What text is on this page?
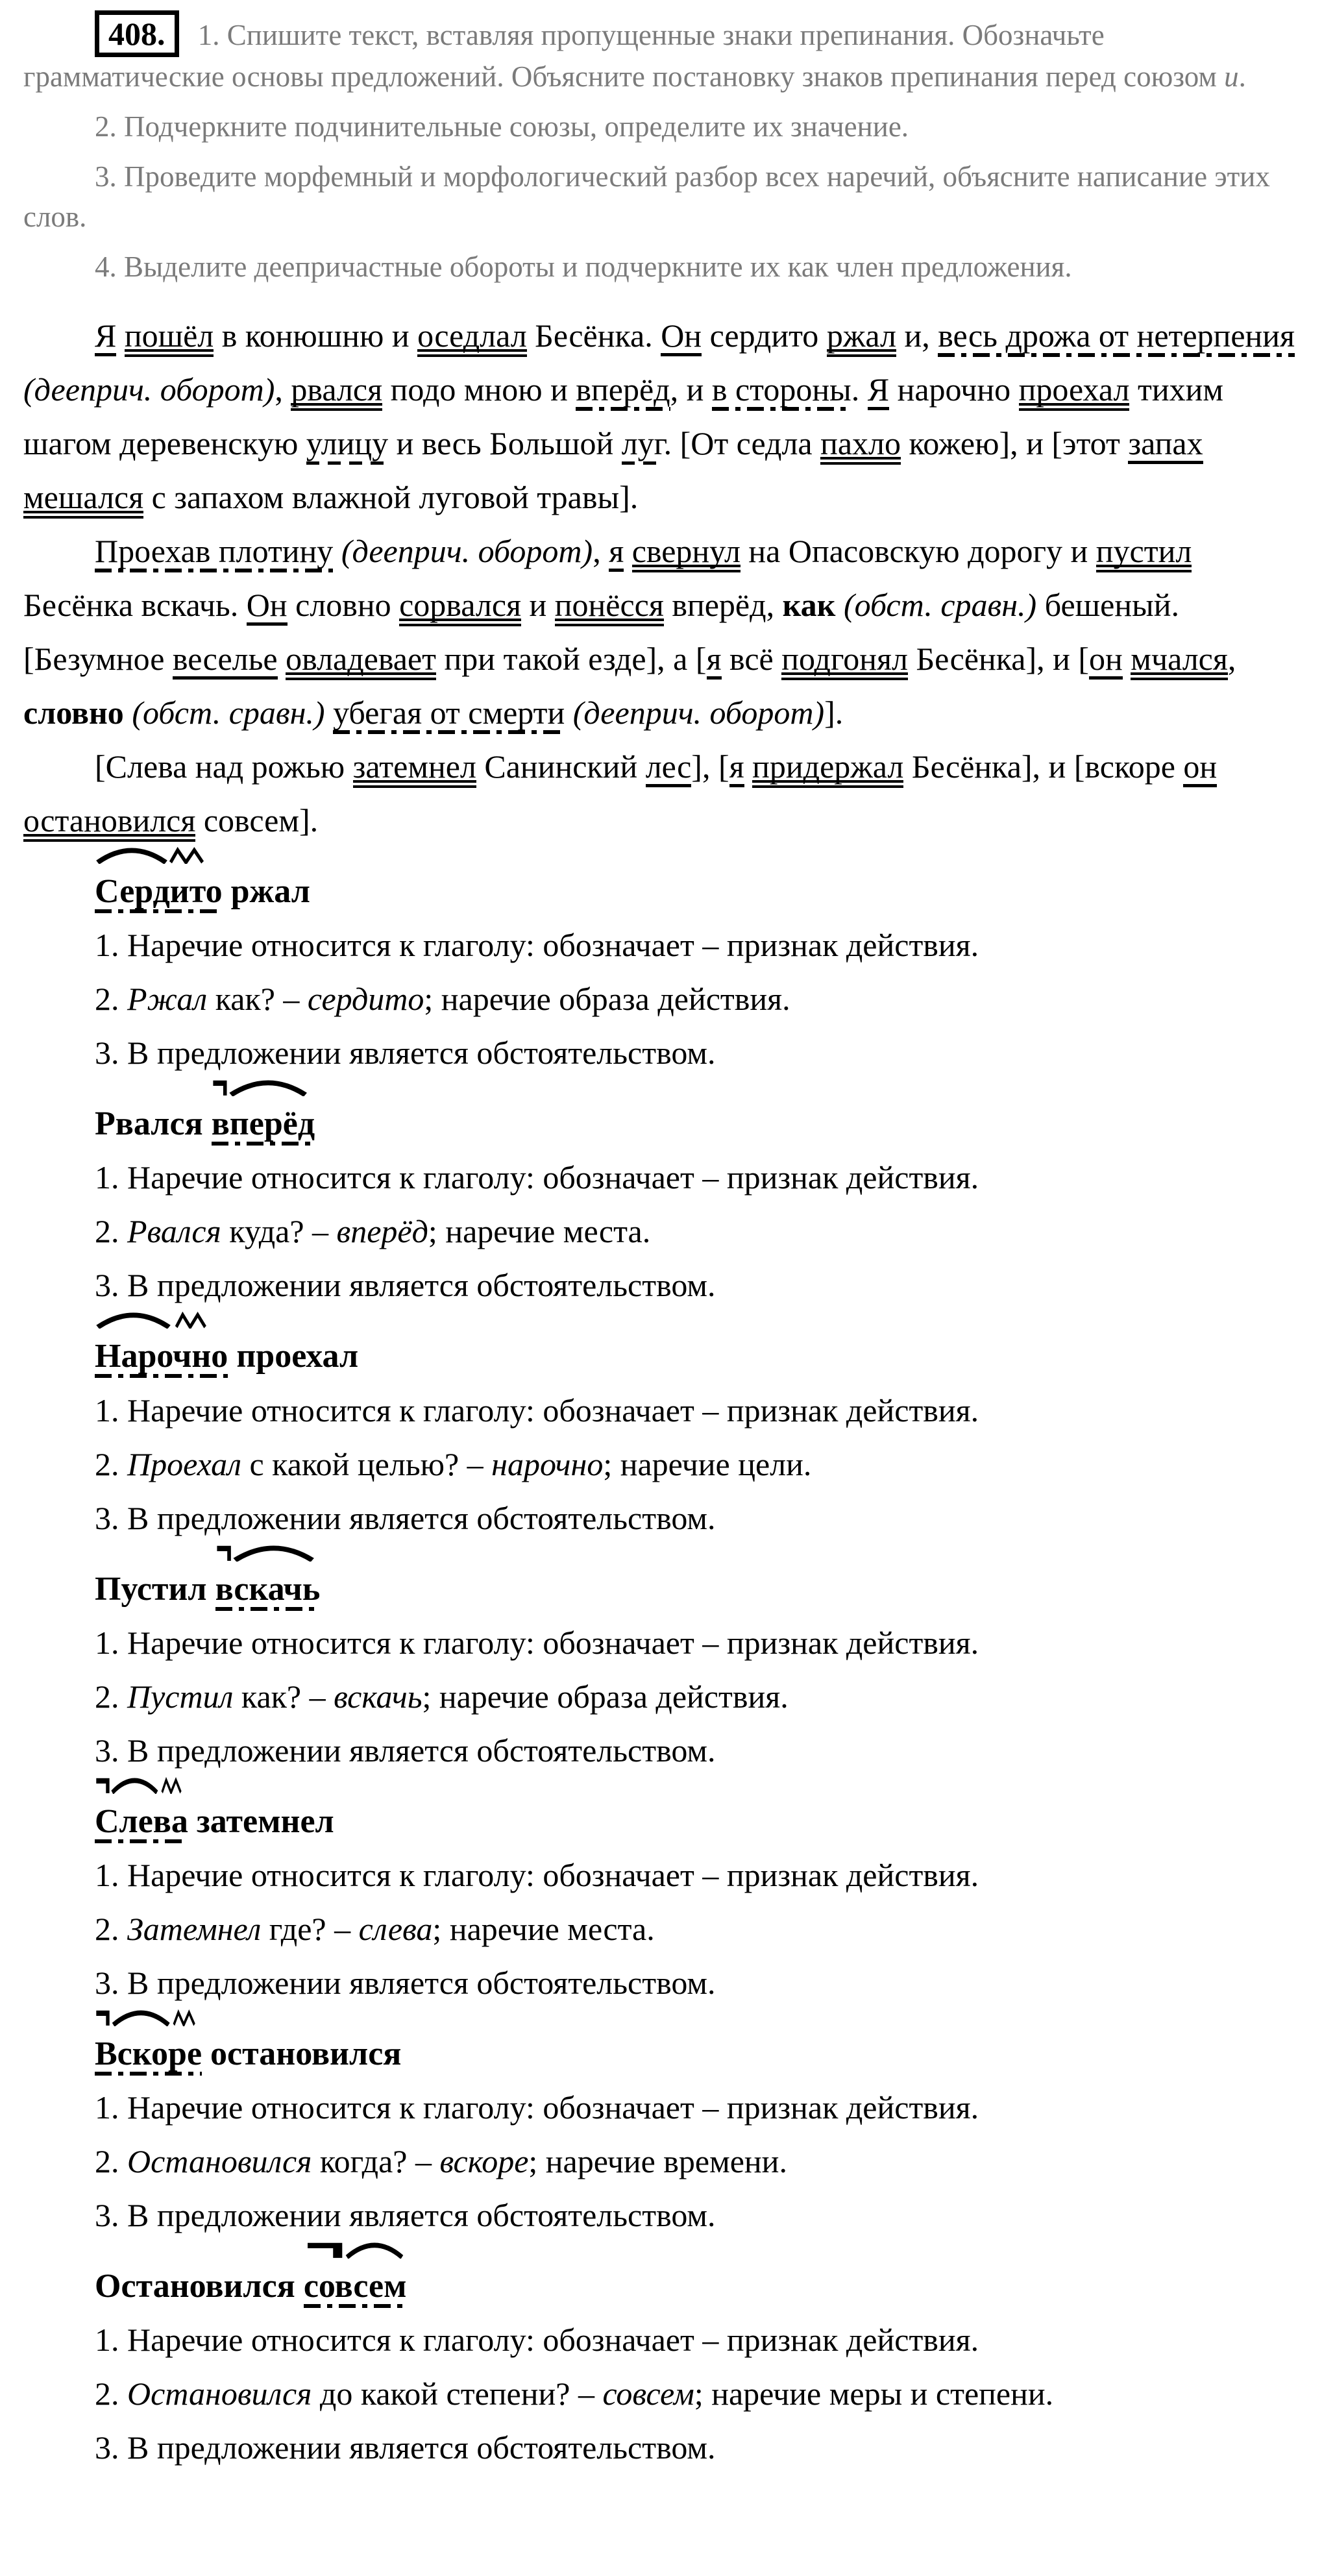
408. 1. Спишите текст, вставляя пропущенные знаки препинания. Обозначьте грамматические основы предложений. Объясните постановку знаков препинания перед союзом и.

2. Подчеркните подчинительные союзы, определите их значение.

3. Проведите морфемный и морфологический разбор всех наречий, объясните написание этих слов.

4. Выделите деепричастные обороты и подчеркните их как член предложения.

Я пошёл в конюшню и оседлал Бесёнка. Он сердито ржал и, весь дрожа от нетерпения (дееприч. оборот), рвался подо мною и вперёд, и в стороны. Я нарочно проехал тихим шагом деревенскую улицу и весь Большой луг. [От седла пахло кожею], и [этот запах мешался с запахом влажной луговой травы].

Проехав плотину (дееприч. оборот), я свернул на Опасовскую дорогу и пустил Бесёнка вскачь. Он словно сорвался и понёсся вперёд, как (обст. сравн.) бешеный. [Безумное веселье овладевает при такой езде], а [я всё подгонял Бесёнка], и [он мчался, словно (обст. сравн.) убегая от смерти (дееприч. оборот)].

[Слева над рожью затемнел Санинский лес], [я придержал Бесёнка], и [вскоре он остановился совсем].

Сердито ржал

1. Наречие относится к глаголу: обозначает – признак действия.

2. Ржал как? – сердито; наречие образа действия.

3. В предложении является обстоятельством.

Рвался вперёд

1. Наречие относится к глаголу: обозначает – признак действия.

2. Рвался куда? – вперёд; наречие места.

3. В предложении является обстоятельством.

Нарочно проехал

1. Наречие относится к глаголу: обозначает – признак действия.

2. Проехал с какой целью? – нарочно; наречие цели.

3. В предложении является обстоятельством.

Пустил вскачь

1. Наречие относится к глаголу: обозначает – признак действия.

2. Пустил как? – вскачь; наречие образа действия.

3. В предложении является обстоятельством.

Слева затемнел

1. Наречие относится к глаголу: обозначает – признак действия.

2. Затемнел где? – слева; наречие места.

3. В предложении является обстоятельством.

Вскоре остановился

1. Наречие относится к глаголу: обозначает – признак действия.

2. Остановился когда? – вскоре; наречие времени.

3. В предложении является обстоятельством.

Остановился совсем

1. Наречие относится к глаголу: обозначает – признак действия.

2. Остановился до какой степени? – совсем; наречие меры и степени.

3. В предложении является обстоятельством.
